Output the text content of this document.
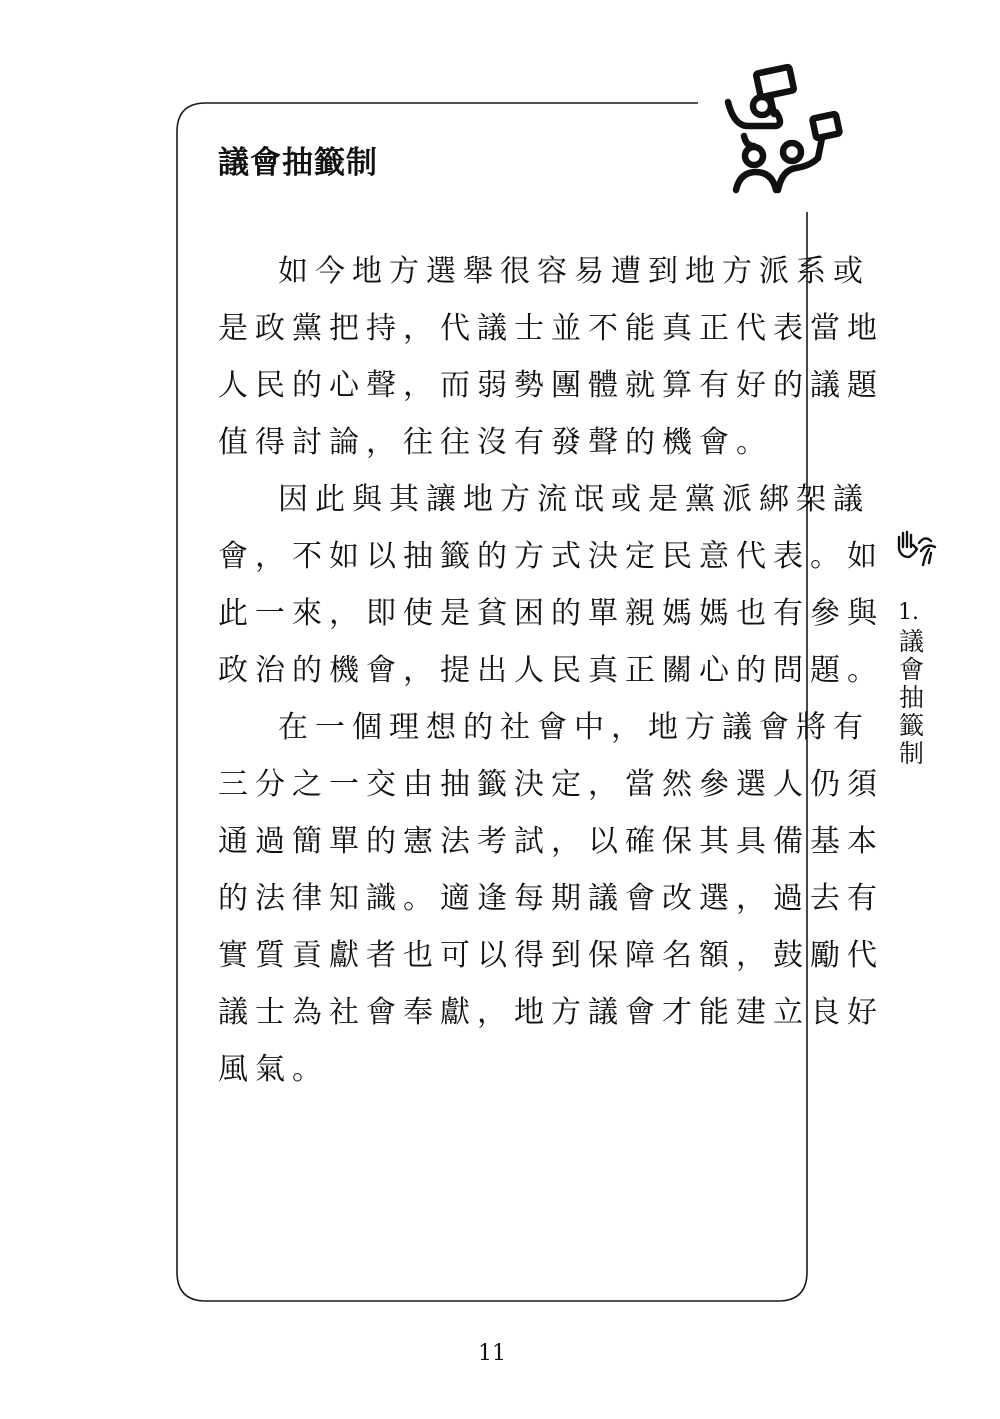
議會抽籤制
如今地方選舉很容易遭到地方派系或
是政黨把持，代議士並不能真正代表當地
人民的心聲，而弱勢團體就算有好的議題
值得討論，往往沒有發聲的機會。
因此與其讓地方流氓或是黨派綁架議
會，不如以抽籤的方式決定民意代表。如
此一來，即使是貧困的單親媽媽也有參與
政治的機會，提出人民真正關心的問題。
在一個理想的社會中，地方議會將有
三分之一交由抽籤決定，當然參選人仍須
通過簡單的憲法考試，以確保其具備基本
的法律知識。適逢每期議會改選，過去有
實質貢獻者也可以得到保障名額，鼓勵代
議士為社會奉獻，地方議會才能建立良好
風氣。
1.
議會抽籤制
11
